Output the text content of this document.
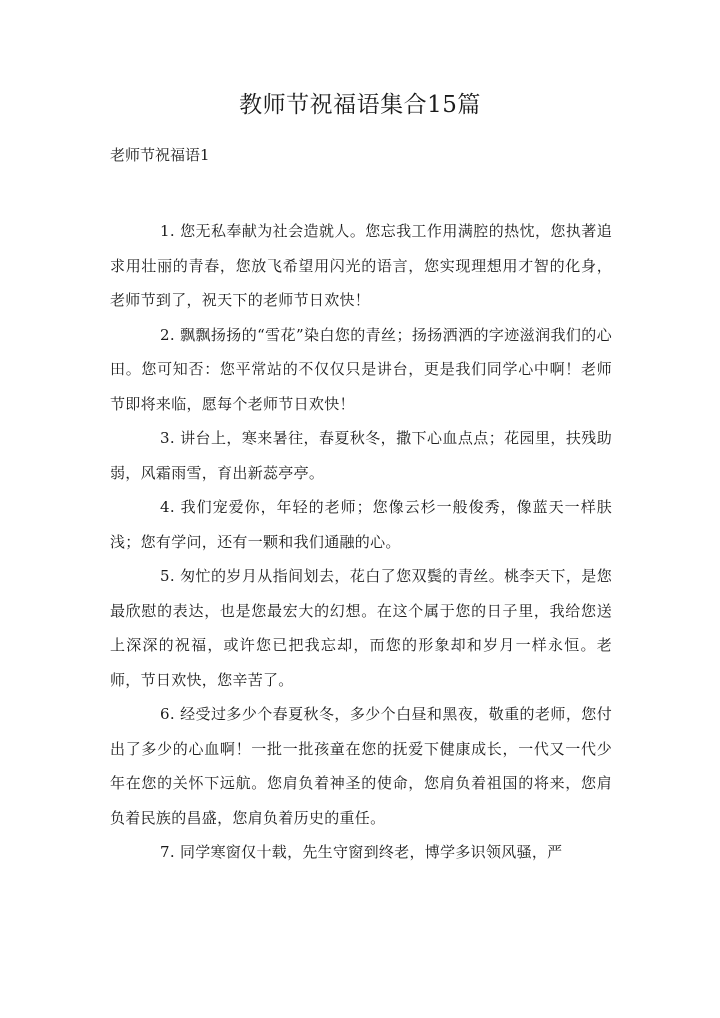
教师节祝福语集合15篇
老师节祝福语1

1. 您无私奉献为社会造就人。您忘我工作用满腔的热忱，您执著追求用壮丽的青春，您放飞希望用闪光的语言，您实现理想用才智的化身，老师节到了，祝天下的老师节日欢快！

2. 飘飘扬扬的“雪花”染白您的青丝；扬扬洒洒的字迹滋润我们的心田。您可知否：您平常站的不仅仅只是讲台，更是我们同学心中啊！老师节即将来临，愿每个老师节日欢快！

3. 讲台上，寒来暑往，春夏秋冬，撒下心血点点；花园里，扶残助弱，风霜雨雪，育出新蕊亭亭。

4. 我们宠爱你，年轻的老师；您像云杉一般俊秀，像蓝天一样肤浅；您有学问，还有一颗和我们通融的心。

5. 匆忙的岁月从指间划去，花白了您双鬓的青丝。桃李天下，是您最欣慰的表达，也是您最宏大的幻想。在这个属于您的日子里，我给您送上深深的祝福，或许您已把我忘却，而您的形象却和岁月一样永恒。老师，节日欢快，您辛苦了。

6. 经受过多少个春夏秋冬，多少个白昼和黑夜，敬重的老师，您付出了多少的心血啊！一批一批孩童在您的抚爱下健康成长，一代又一代少年在您的关怀下远航。您肩负着神圣的使命，您肩负着祖国的将来，您肩负着民族的昌盛，您肩负着历史的重任。

7. 同学寒窗仅十载，先生守窗到终老，博学多识领风骚，严
